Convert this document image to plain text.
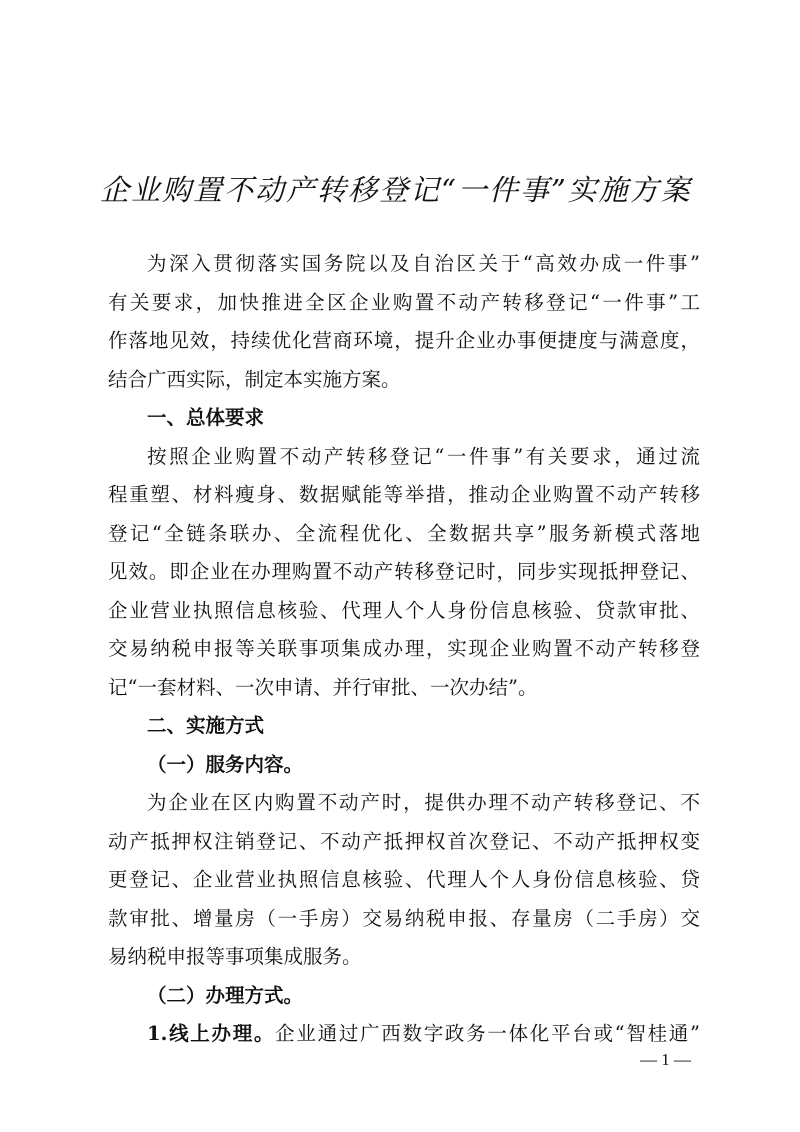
企业购置不动产转移登记“一件事”实施方案
为深入贯彻落实国务院以及自治区关于“高效办成一件事”
有关要求，加快推进全区企业购置不动产转移登记“一件事”工
作落地见效，持续优化营商环境，提升企业办事便捷度与满意度，
结合广西实际，制定本实施方案。
一、总体要求
按照企业购置不动产转移登记“一件事”有关要求，通过流
程重塑、材料瘦身、数据赋能等举措，推动企业购置不动产转移
登记“全链条联办、全流程优化、全数据共享”服务新模式落地
见效。即企业在办理购置不动产转移登记时，同步实现抵押登记、
企业营业执照信息核验、代理人个人身份信息核验、贷款审批、
交易纳税申报等关联事项集成办理，实现企业购置不动产转移登
记“一套材料、一次申请、并行审批、一次办结”。
二、实施方式
（一）服务内容。
为企业在区内购置不动产时，提供办理不动产转移登记、不
动产抵押权注销登记、不动产抵押权首次登记、不动产抵押权变
更登记、企业营业执照信息核验、代理人个人身份信息核验、贷
款审批、增量房（一手房）交易纳税申报、存量房（二手房）交
易纳税申报等事项集成服务。
（二）办理方式。
1.线上办理。企业通过广西数字政务一体化平台或“智桂通”
— 1 —
